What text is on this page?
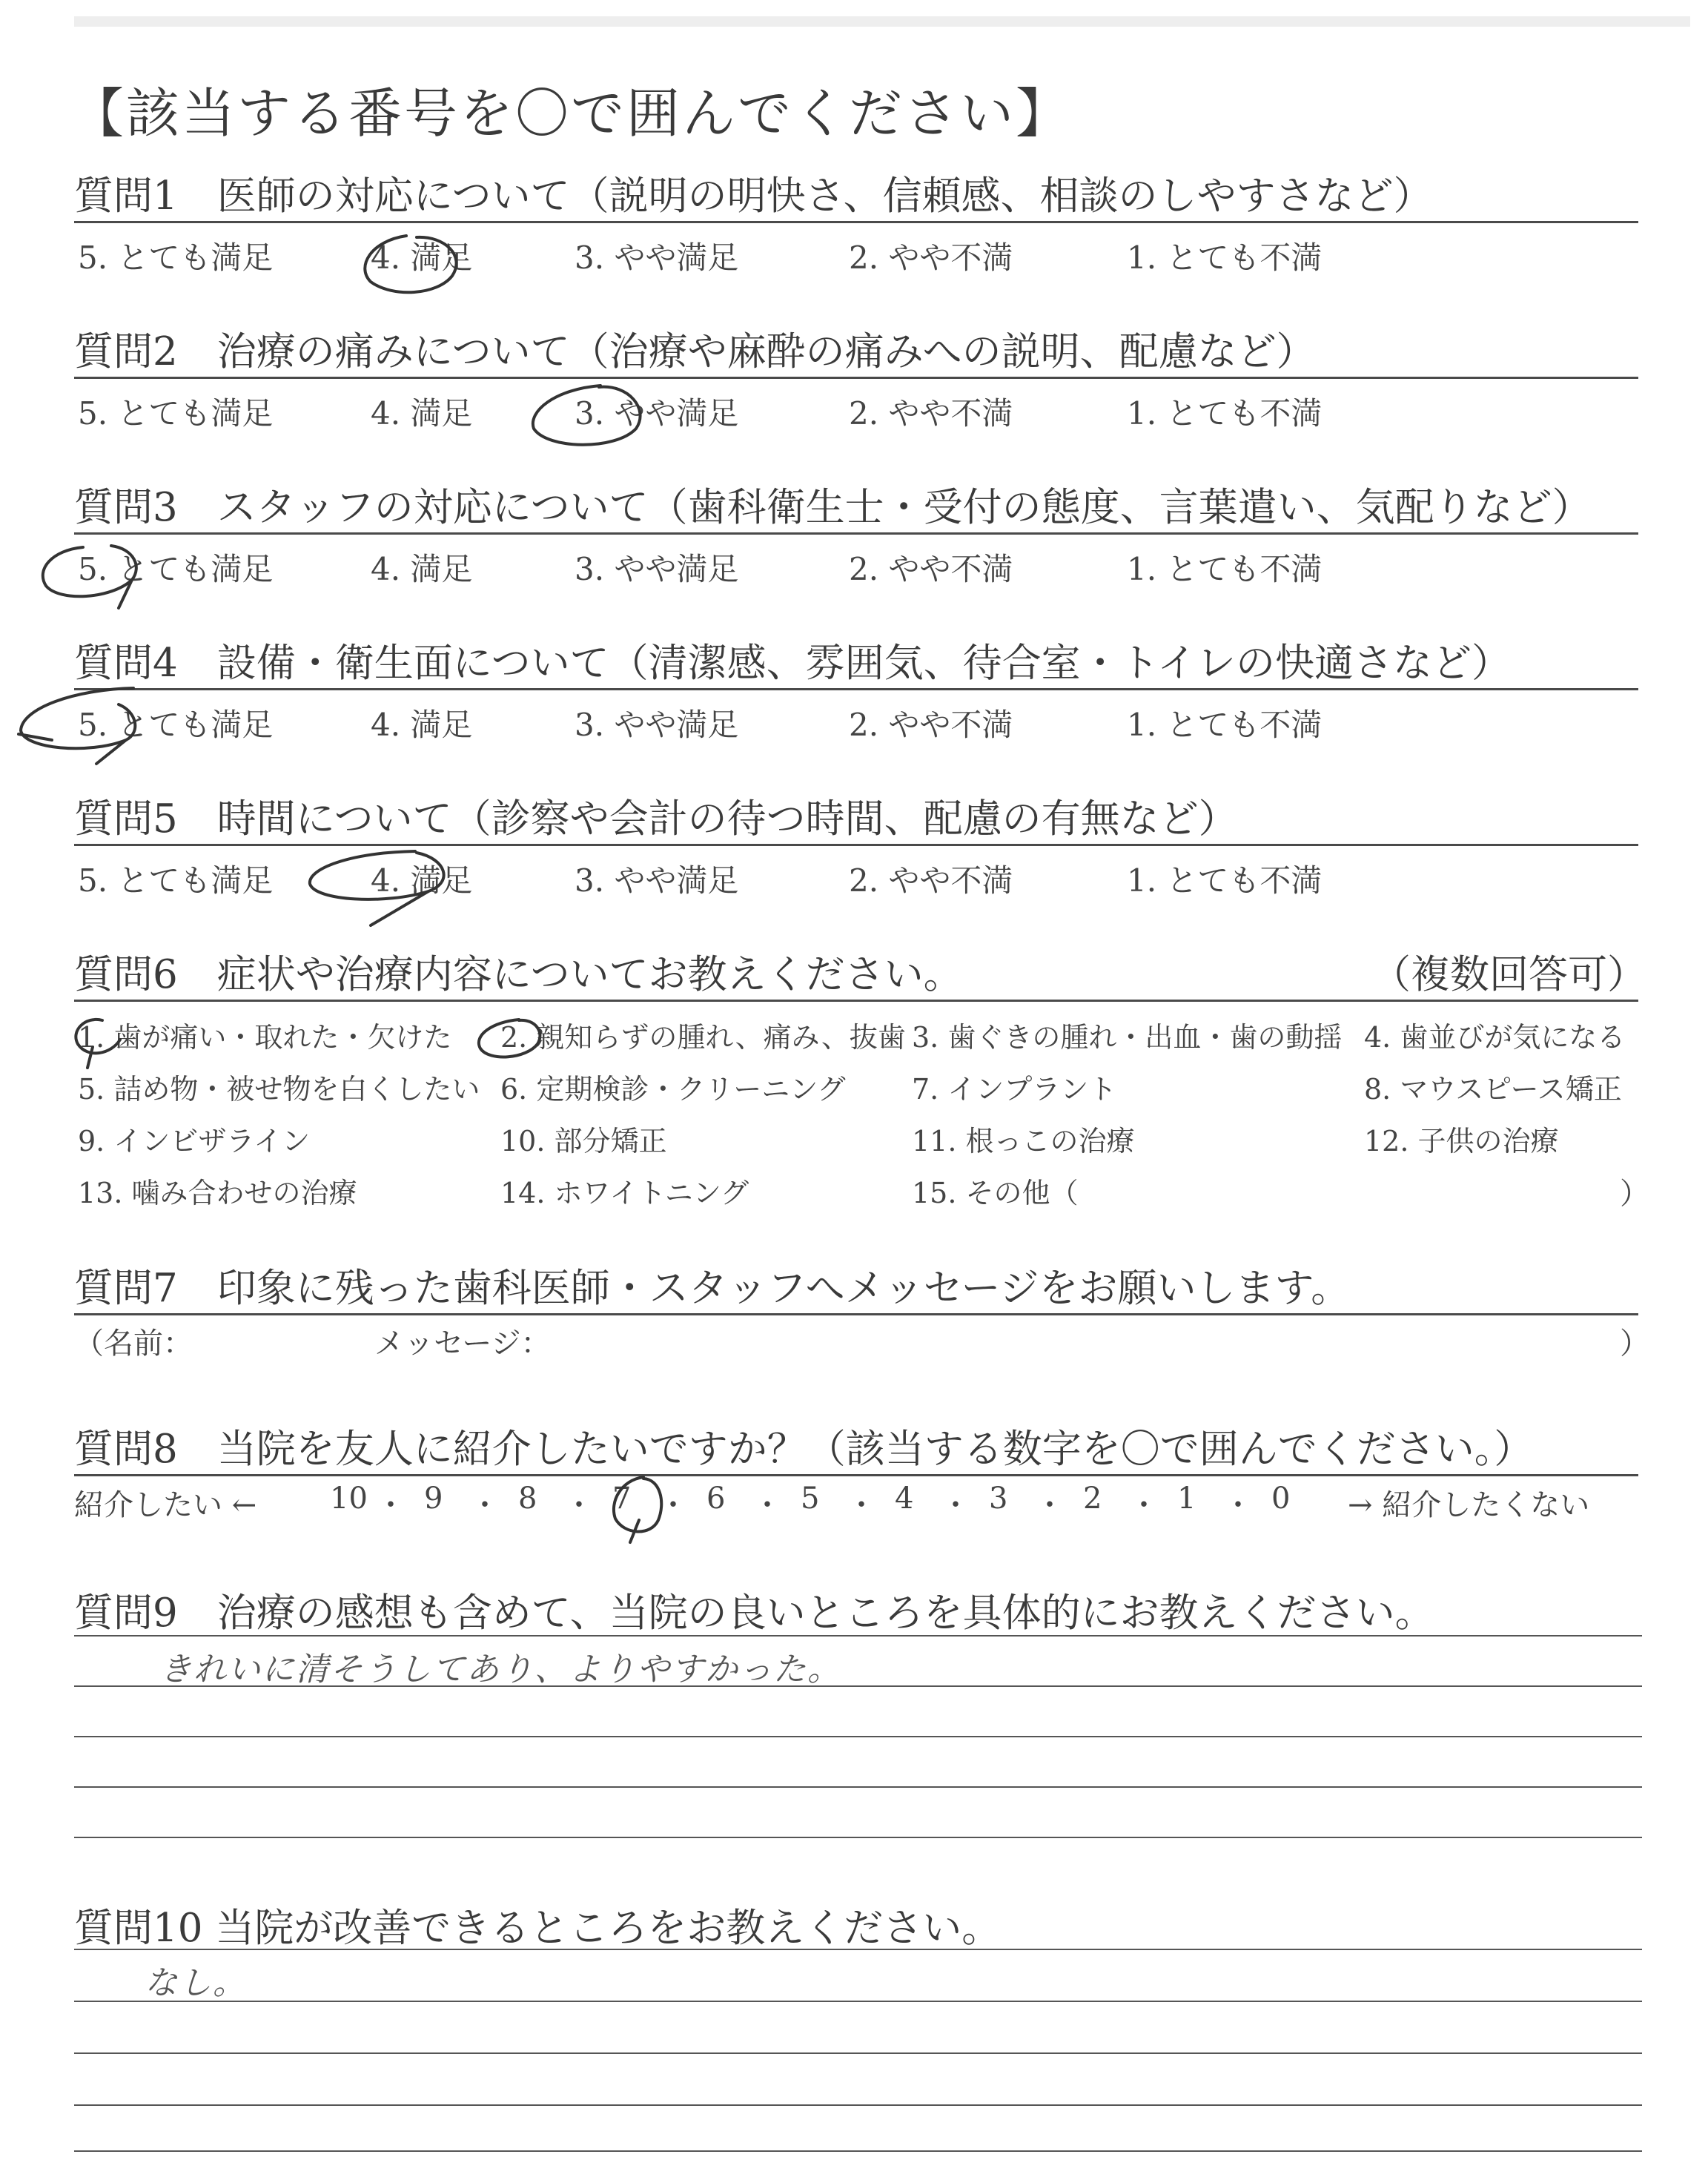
【該当する番号を〇で囲んでください】
質問1　医師の対応について（説明の明快さ、信頼感、相談のしやすさなど）
5. とても満足	4. 満足	3. やや満足	2. やや不満	1. とても不満
質問2　治療の痛みについて（治療や麻酔の痛みへの説明、配慮など）
5. とても満足	4. 満足	3. やや満足	2. やや不満	1. とても不満
質問3　スタッフの対応について（歯科衛生士・受付の態度、言葉遣い、気配りなど）
5. とても満足	4. 満足	3. やや満足	2. やや不満	1. とても不満
質問4　設備・衛生面について（清潔感、雰囲気、待合室・トイレの快適さなど）
5. とても満足	4. 満足	3. やや満足	2. やや不満	1. とても不満
質問5　時間について（診察や会計の待つ時間、配慮の有無など）
5. とても満足	4. 満足	3. やや満足	2. やや不満	1. とても不満
質問6　症状や治療内容についてお教えください。	（複数回答可）
1. 歯が痛い・取れた・欠けた 2. 親知らずの腫れ、痛み、抜歯 3. 歯ぐきの腫れ・出血・歯の動揺 4. 歯並びが気になる
5. 詰め物・被せ物を白くしたい 6. 定期検診・クリーニング 7. インプラント	8. マウスピース矯正
9. インビザライン	10. 部分矯正	11. 根っこの治療	12. 子供の治療
13. 噛み合わせの治療	14. ホワイトニング	15. その他（	）
質問7　印象に残った歯科医師・スタッフへメッセージをお願いします。
（名前：	メッセージ：	）
質問8　当院を友人に紹介したいですか？（該当する数字を〇で囲んでください。）
紹介したい ← 10 ・ 9 ・ 8 ・ 7 ・ 6 ・ 5 ・ 4 ・ 3 ・ 2 ・ 1 ・ 0 → 紹介したくない
質問9　治療の感想も含めて、当院の良いところを具体的にお教えください。
きれいに清そうしてあり、よりやすかった。
質問10 当院が改善できるところをお教えください。
なし。
